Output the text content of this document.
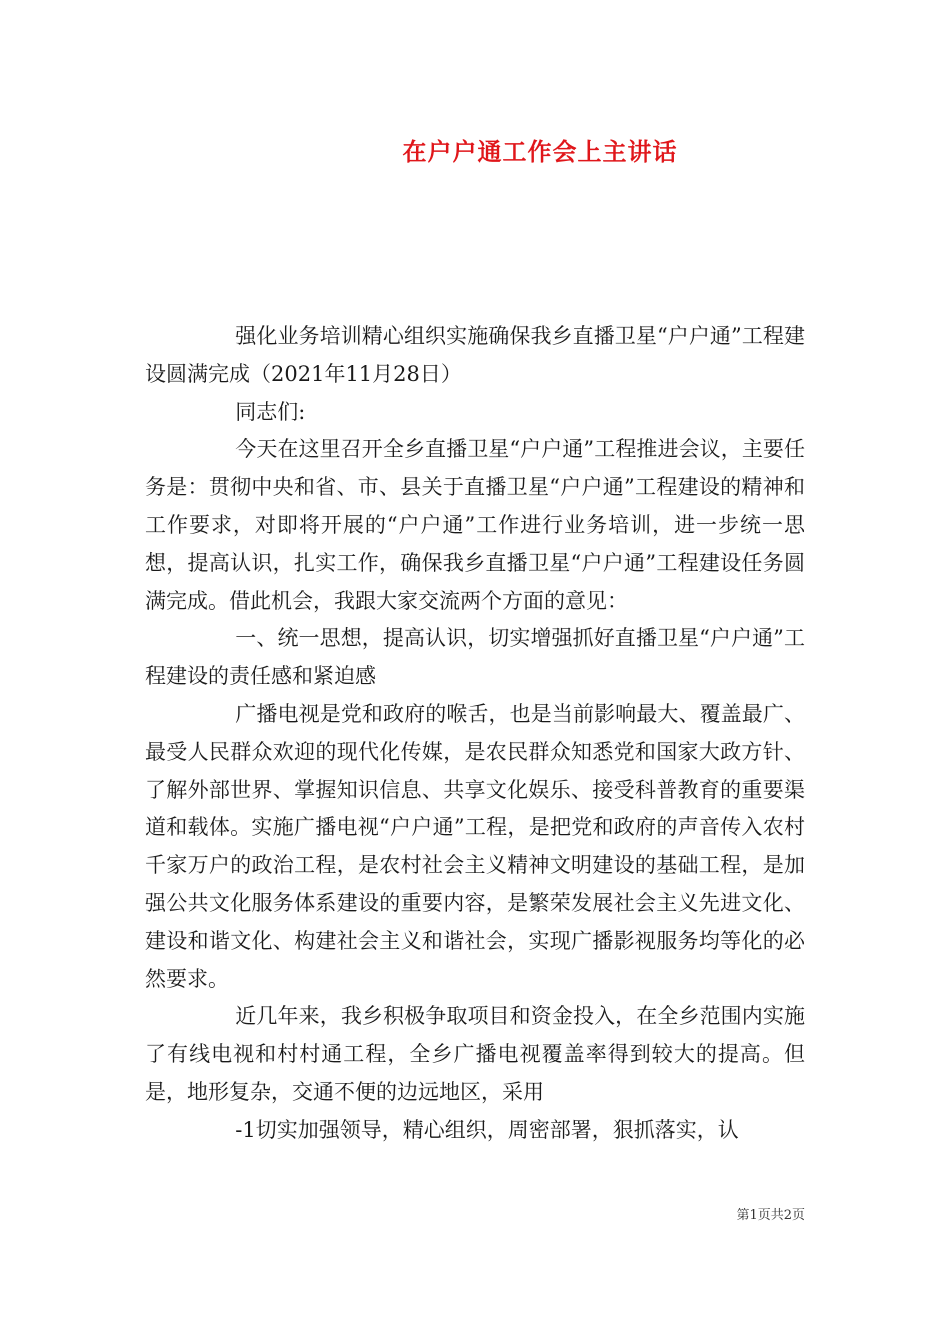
在户户通工作会上主讲话

强化业务培训精心组织实施确保我乡直播卫星“户户通”工程建设圆满完成（2021年11月28日）

同志们:

今天在这里召开全乡直播卫星“户户通”工程推进会议，主要任务是：贯彻中央和省、市、县关于直播卫星“户户通”工程建设的精神和工作要求，对即将开展的“户户通”工作进行业务培训，进一步统一思想，提高认识，扎实工作，确保我乡直播卫星“户户通”工程建设任务圆满完成。借此机会，我跟大家交流两个方面的意见：

一、统一思想，提高认识，切实增强抓好直播卫星“户户通”工程建设的责任感和紧迫感

广播电视是党和政府的喉舌，也是当前影响最大、覆盖最广、最受人民群众欢迎的现代化传媒，是农民群众知悉党和国家大政方针、了解外部世界、掌握知识信息、共享文化娱乐、接受科普教育的重要渠道和载体。实施广播电视“户户通”工程，是把党和政府的声音传入农村千家万户的政治工程，是农村社会主义精神文明建设的基础工程，是加强公共文化服务体系建设的重要内容，是繁荣发展社会主义先进文化、建设和谐文化、构建社会主义和谐社会，实现广播影视服务均等化的必然要求。

近几年来，我乡积极争取项目和资金投入，在全乡范围内实施了有线电视和村村通工程，全乡广播电视覆盖率得到较大的提高。但是，地形复杂，交通不便的边远地区，采用

-1切实加强领导，精心组织，周密部署，狠抓落实，认

第1页共2页
